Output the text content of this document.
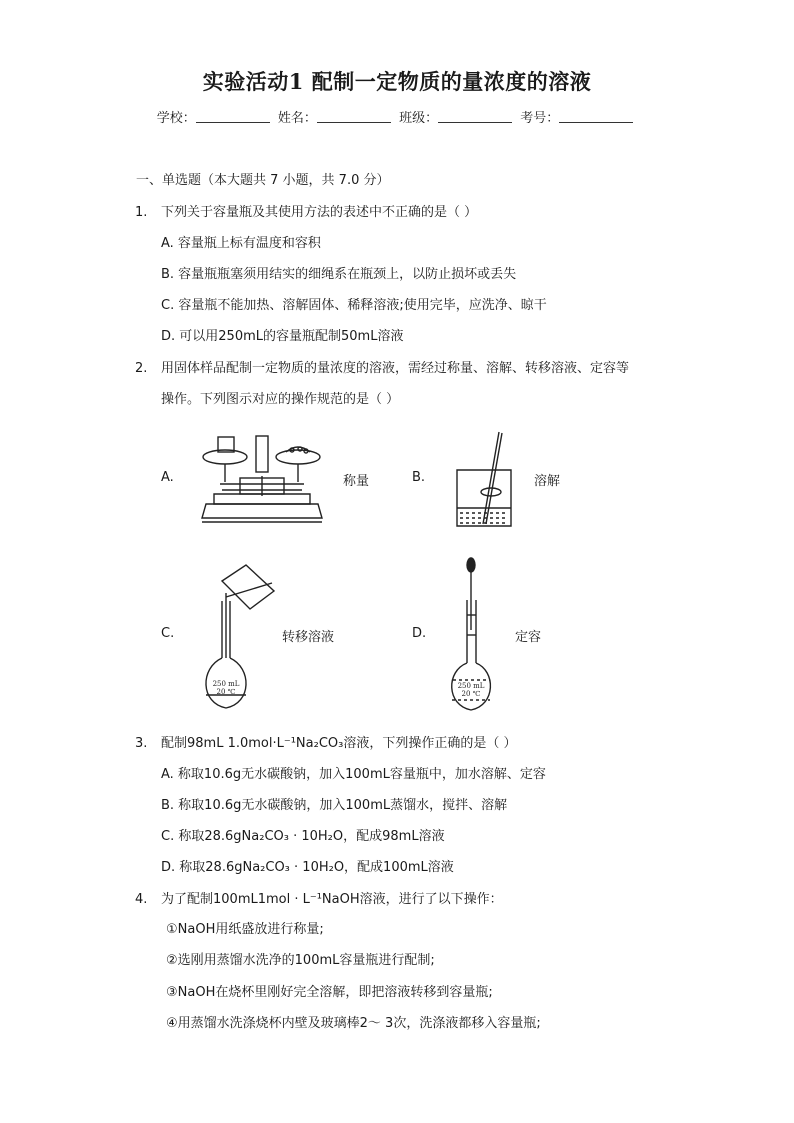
实验活动1 配制一定物质的量浓度的溶液
学校：	姓名：	班级：	考号：
一、单选题（本大题共 7 小题，共 7.0 分）
1. 下列关于容量瓶及其使用方法的表述中不正确的是（ ）
A. 容量瓶上标有温度和容积
B. 容量瓶瓶塞须用结实的细绳系在瓶颈上，以防止损坏或丢失
C. 容量瓶不能加热、溶解固体、稀释溶液;使用完毕，应洗净、晾干
D. 可以用250mL的容量瓶配制50mL溶液
2. 用固体样品配制一定物质的量浓度的溶液，需经过称量、溶解、转移溶液、定容等
操作。下列图示对应的操作规范的是（ ）
A.	称量	B.	溶解
C.	转移溶液	D.	定容
250 mL
20 ℃
250 mL
20 ℃
3. 配制98mL 1.0mol·L⁻¹Na₂CO₃溶液，下列操作正确的是（ ）
A. 称取10.6g无水碳酸钠，加入100mL容量瓶中，加水溶解、定容
B. 称取10.6g无水碳酸钠，加入100mL蒸馏水，搅拌、溶解
C. 称取28.6gNa₂CO₃ · 10H₂O，配成98mL溶液
D. 称取28.6gNa₂CO₃ · 10H₂O，配成100mL溶液
4. 为了配制100mL1mol · L⁻¹NaOH溶液，进行了以下操作：
①NaOH用纸盛放进行称量;
②选刚用蒸馏水洗净的100mL容量瓶进行配制;
③NaOH在烧杯里刚好完全溶解，即把溶液转移到容量瓶;
④用蒸馏水洗涤烧杯内壁及玻璃棒2～ 3次，洗涤液都移入容量瓶;
